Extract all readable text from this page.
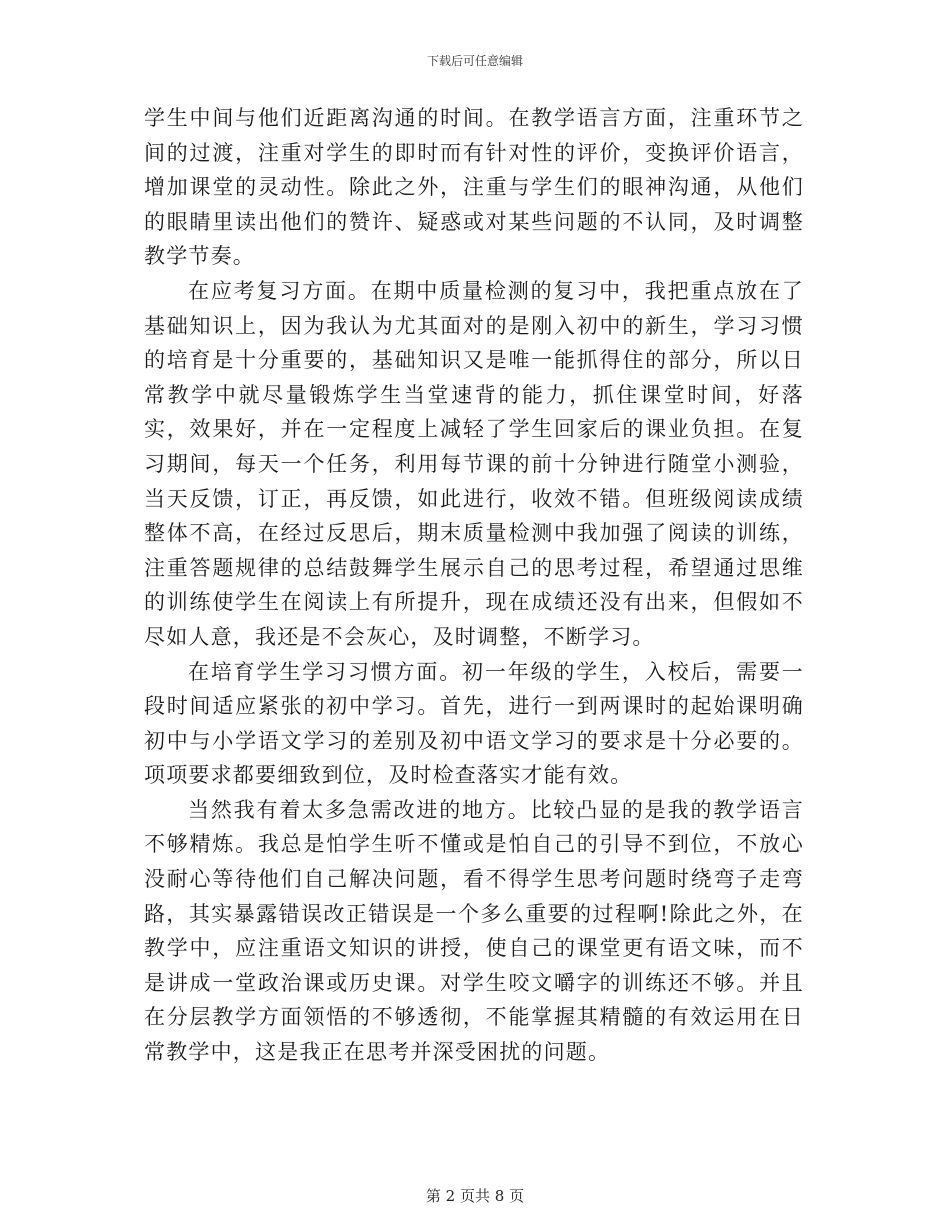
下载后可任意编辑

学生中间与他们近距离沟通的时间。在教学语言方面，注重环节之间的过渡，注重对学生的即时而有针对性的评价，变换评价语言，增加课堂的灵动性。除此之外，注重与学生们的眼神沟通，从他们的眼睛里读出他们的赞许、疑惑或对某些问题的不认同，及时调整教学节奏。

在应考复习方面。在期中质量检测的复习中，我把重点放在了基础知识上，因为我认为尤其面对的是刚入初中的新生，学习习惯的培育是十分重要的，基础知识又是唯一能抓得住的部分，所以日常教学中就尽量锻炼学生当堂速背的能力，抓住课堂时间，好落实，效果好，并在一定程度上减轻了学生回家后的课业负担。在复习期间，每天一个任务，利用每节课的前十分钟进行随堂小测验，当天反馈，订正，再反馈，如此进行，收效不错。但班级阅读成绩整体不高，在经过反思后，期末质量检测中我加强了阅读的训练，注重答题规律的总结鼓舞学生展示自己的思考过程，希望通过思维的训练使学生在阅读上有所提升，现在成绩还没有出来，但假如不尽如人意，我还是不会灰心，及时调整，不断学习。

在培育学生学习习惯方面。初一年级的学生，入校后，需要一段时间适应紧张的初中学习。首先，进行一到两课时的起始课明确初中与小学语文学习的差别及初中语文学习的要求是十分必要的。项项要求都要细致到位，及时检查落实才能有效。

当然我有着太多急需改进的地方。比较凸显的是我的教学语言不够精炼。我总是怕学生听不懂或是怕自己的引导不到位，不放心没耐心等待他们自己解决问题，看不得学生思考问题时绕弯子走弯路，其实暴露错误改正错误是一个多么重要的过程啊!除此之外，在教学中，应注重语文知识的讲授，使自己的课堂更有语文味，而不是讲成一堂政治课或历史课。对学生咬文嚼字的训练还不够。并且在分层教学方面领悟的不够透彻，不能掌握其精髓的有效运用在日常教学中，这是我正在思考并深受困扰的问题。

第 2 页共 8 页
